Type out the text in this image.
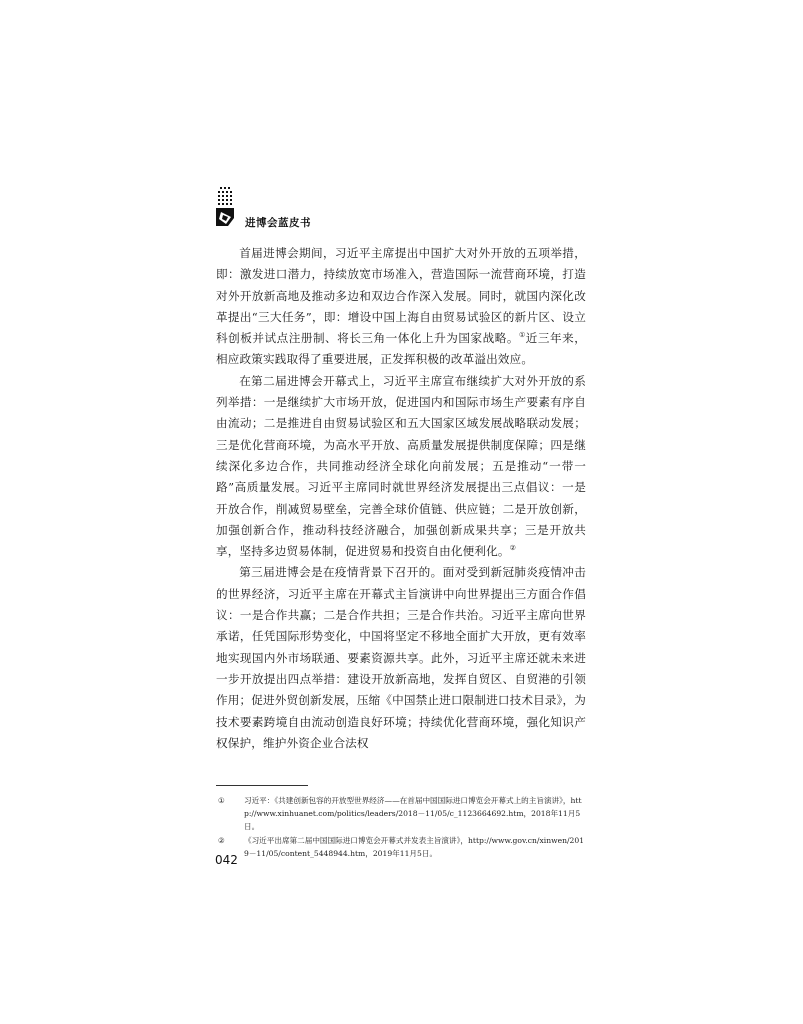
进博会蓝皮书

首届进博会期间，习近平主席提出中国扩大对外开放的五项举措，即：激发进口潜力，持续放宽市场准入，营造国际一流营商环境，打造对外开放新高地及推动多边和双边合作深入发展。同时，就国内深化改革提出“三大任务”，即：增设中国上海自由贸易试验区的新片区、设立科创板并试点注册制、将长三角一体化上升为国家战略。①近三年来，相应政策实践取得了重要进展，正发挥积极的改革溢出效应。

在第二届进博会开幕式上，习近平主席宣布继续扩大对外开放的系列举措：一是继续扩大市场开放，促进国内和国际市场生产要素有序自由流动；二是推进自由贸易试验区和五大国家区域发展战略联动发展；三是优化营商环境，为高水平开放、高质量发展提供制度保障；四是继续深化多边合作，共同推动经济全球化向前发展；五是推动“一带一路”高质量发展。习近平主席同时就世界经济发展提出三点倡议：一是开放合作，削减贸易壁垒，完善全球价值链、供应链；二是开放创新，加强创新合作，推动科技经济融合，加强创新成果共享；三是开放共享，坚持多边贸易体制，促进贸易和投资自由化便利化。②

第三届进博会是在疫情背景下召开的。面对受到新冠肺炎疫情冲击的世界经济，习近平主席在开幕式主旨演讲中向世界提出三方面合作倡议：一是合作共赢；二是合作共担；三是合作共治。习近平主席向世界承诺，任凭国际形势变化，中国将坚定不移地全面扩大开放，更有效率地实现国内外市场联通、要素资源共享。此外，习近平主席还就未来进一步开放提出四点举措：建设开放新高地，发挥自贸区、自贸港的引领作用；促进外贸创新发展，压缩《中国禁止进口限制进口技术目录》，为技术要素跨境自由流动创造良好环境；持续优化营商环境，强化知识产权保护，维护外资企业合法权

①	习近平：《共建创新包容的开放型世界经济——在首届中国国际进口博览会开幕式上的主旨演讲》，http://www.xinhuanet.com/politics/leaders/2018－11/05/c_1123664692.htm，2018年11月5日。
②	《习近平出席第二届中国国际进口博览会开幕式并发表主旨演讲》，http://www.gov.cn/xinwen/2019－11/05/content_5448944.htm，2019年11月5日。
042
